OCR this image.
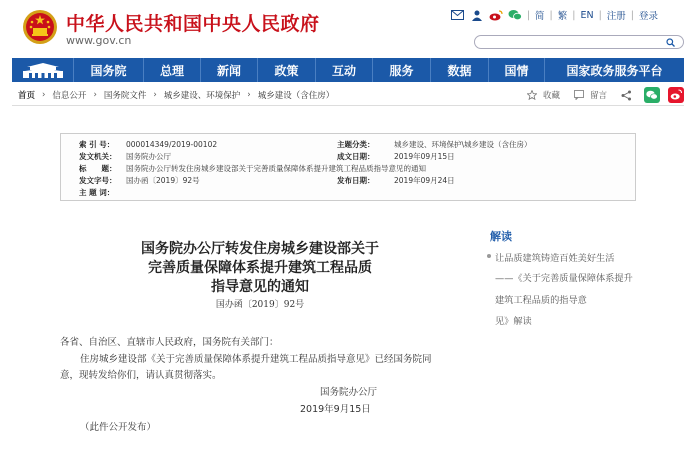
中华人民共和国中央人民政府
www.gov.cn
| 简 | 繁 | EN | 注册 | 登录
国务院	总理	新闻	政策	互动	服务	数据	国情	国家政务服务平台
首页 › 信息公开 › 国务院文件 › 城乡建设、环境保护 › 城乡建设（含住房）	收藏	留言
索 引 号： 000014349/2019-00102	主题分类：	城乡建设、环境保护\城乡建设（含住房）
发文机关： 国务院办公厅	成文日期：	2019年09月15日
标　　题： 国务院办公厅转发住房城乡建设部关于完善质量保障体系提升建筑工程品质指导意见的通知
发文字号： 国办函〔2019〕92号	发布日期：	2019年09月24日
主 题 词：
国务院办公厅转发住房城乡建设部关于
完善质量保障体系提升建筑工程品质
指导意见的通知
国办函〔2019〕92号
各省、自治区、直辖市人民政府，国务院有关部门：
住房城乡建设部《关于完善质量保障体系提升建筑工程品质指导意见》已经国务院同
意，现转发给你们，请认真贯彻落实。
国务院办公厅
2019年9月15日
（此件公开发布）
解读
让品质建筑铸造百姓美好生活
——《关于完善质量保障体系提升
建筑工程品质的指导意
见》解读
